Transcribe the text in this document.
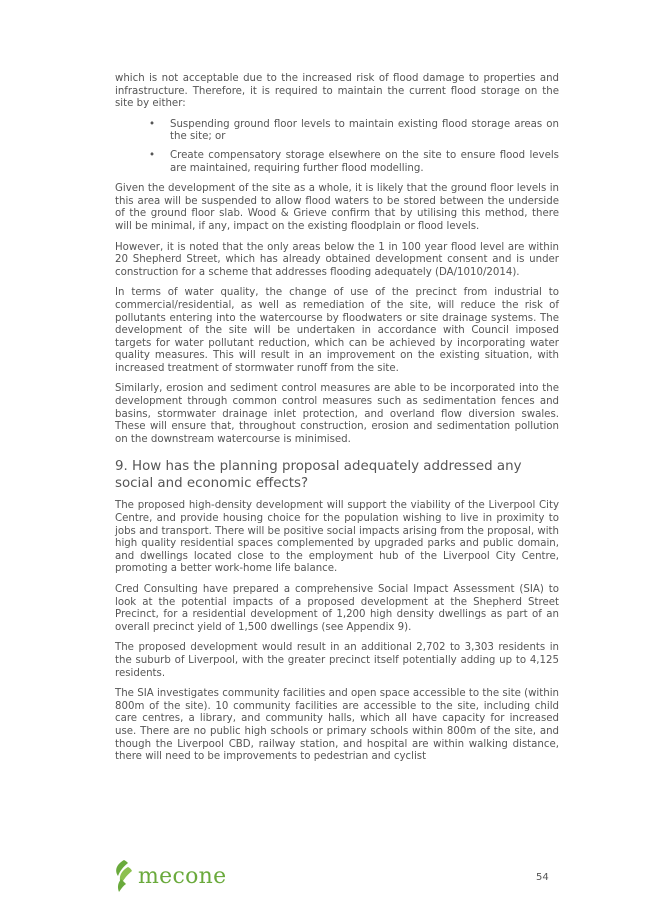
which is not acceptable due to the increased risk of flood damage to properties and infrastructure. Therefore, it is required to maintain the current flood storage on the site by either:

• Suspending ground floor levels to maintain existing flood storage areas on the site; or
• Create compensatory storage elsewhere on the site to ensure flood levels are maintained, requiring further flood modelling.

Given the development of the site as a whole, it is likely that the ground floor levels in this area will be suspended to allow flood waters to be stored between the underside of the ground floor slab. Wood & Grieve confirm that by utilising this method, there will be minimal, if any, impact on the existing floodplain or flood levels.

However, it is noted that the only areas below the 1 in 100 year flood level are within 20 Shepherd Street, which has already obtained development consent and is under construction for a scheme that addresses flooding adequately (DA/1010/2014).

In terms of water quality, the change of use of the precinct from industrial to commercial/residential, as well as remediation of the site, will reduce the risk of pollutants entering into the watercourse by floodwaters or site drainage systems. The development of the site will be undertaken in accordance with Council imposed targets for water pollutant reduction, which can be achieved by incorporating water quality measures. This will result in an improvement on the existing situation, with increased treatment of stormwater runoff from the site.

Similarly, erosion and sediment control measures are able to be incorporated into the development through common control measures such as sedimentation fences and basins, stormwater drainage inlet protection, and overland flow diversion swales. These will ensure that, throughout construction, erosion and sedimentation pollution on the downstream watercourse is minimised.

9. How has the planning proposal adequately addressed any social and economic effects?

The proposed high-density development will support the viability of the Liverpool City Centre, and provide housing choice for the population wishing to live in proximity to jobs and transport. There will be positive social impacts arising from the proposal, with high quality residential spaces complemented by upgraded parks and public domain, and dwellings located close to the employment hub of the Liverpool City Centre, promoting a better work-home life balance.

Cred Consulting have prepared a comprehensive Social Impact Assessment (SIA) to look at the potential impacts of a proposed development at the Shepherd Street Precinct, for a residential development of 1,200 high density dwellings as part of an overall precinct yield of 1,500 dwellings (see Appendix 9).

The proposed development would result in an additional 2,702 to 3,303 residents in the suburb of Liverpool, with the greater precinct itself potentially adding up to 4,125 residents.

The SIA investigates community facilities and open space accessible to the site (within 800m of the site). 10 community facilities are accessible to the site, including child care centres, a library, and community halls, which all have capacity for increased use. There are no public high schools or primary schools within 800m of the site, and though the Liverpool CBD, railway station, and hospital are within walking distance, there will need to be improvements to pedestrian and cyclist

mecone	54
